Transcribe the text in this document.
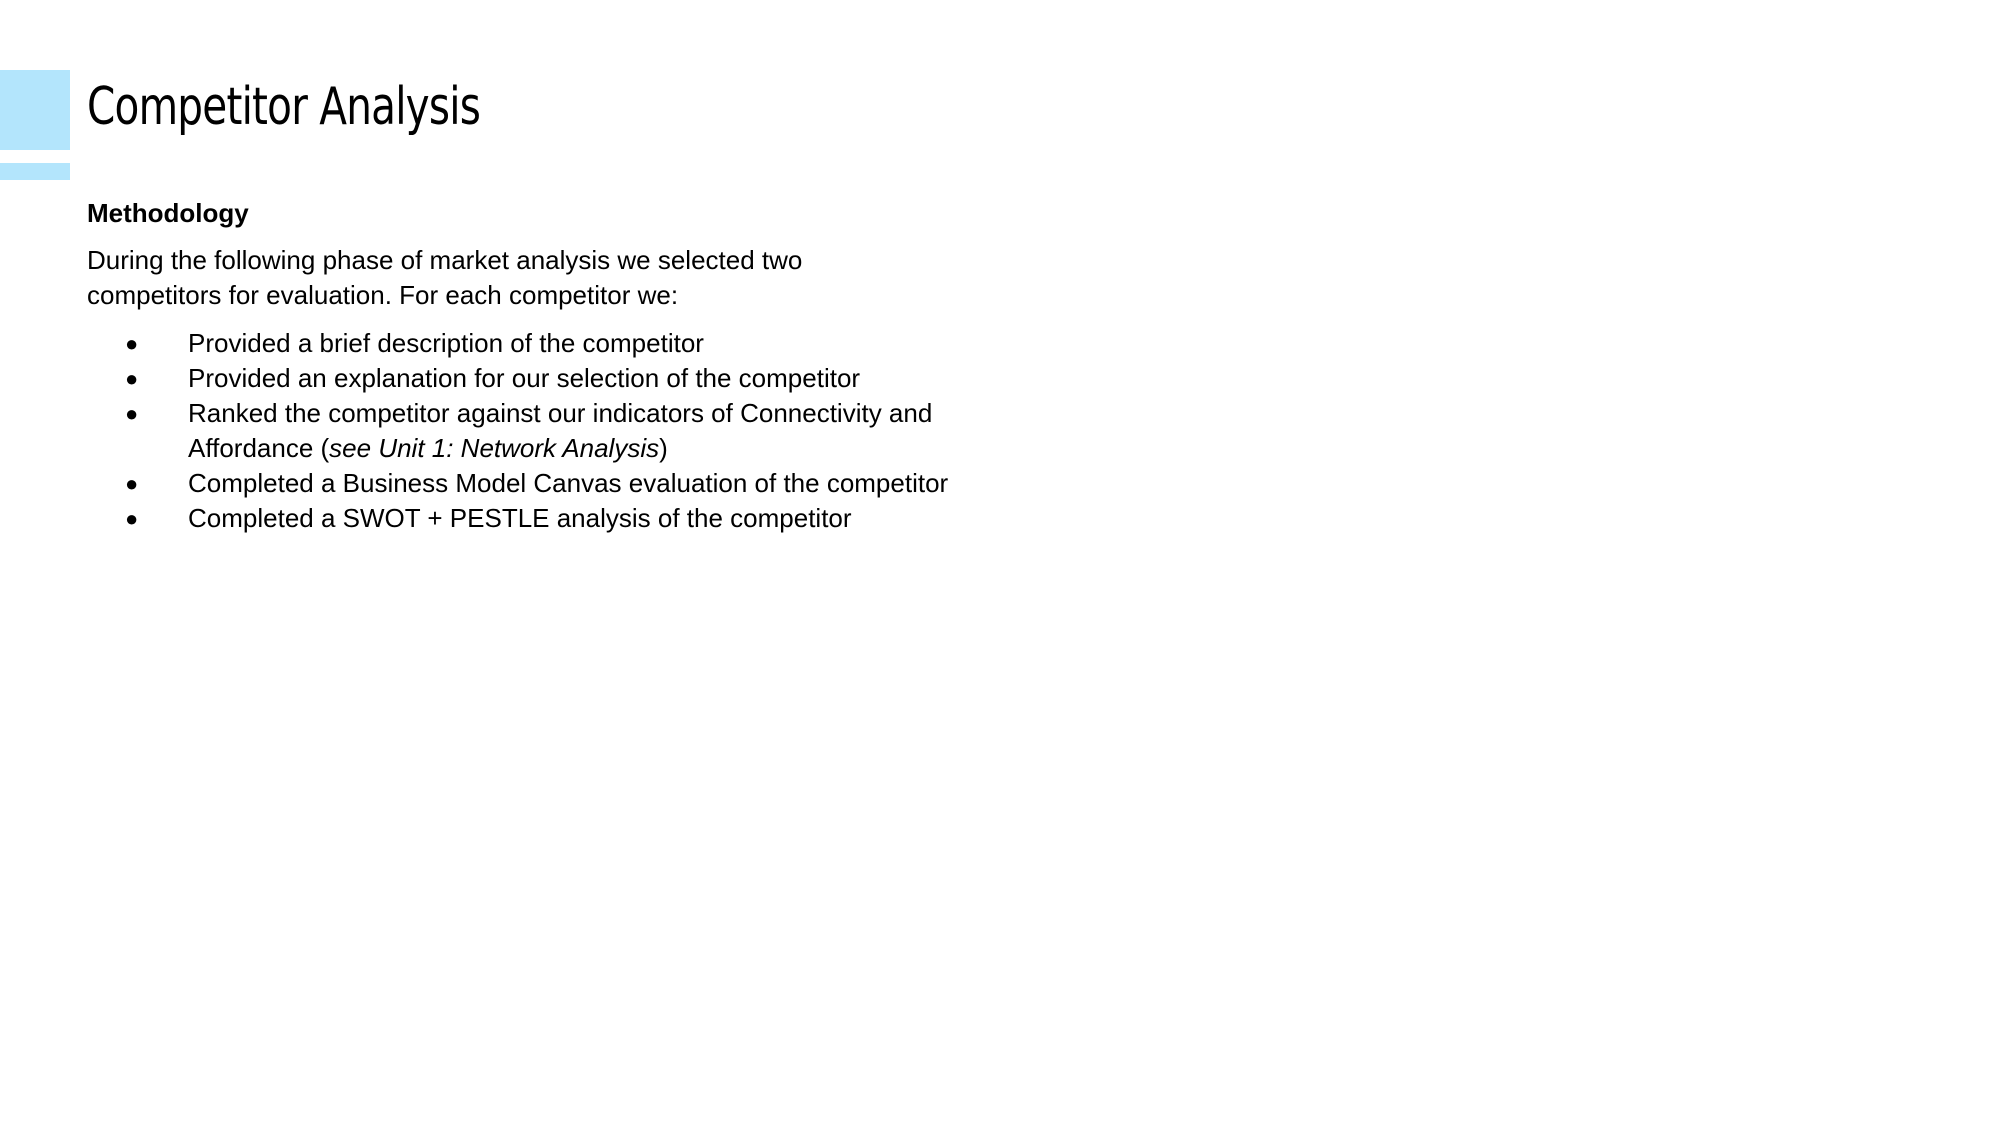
Competitor Analysis
Methodology

During the following phase of market analysis we selected two competitors for evaluation. For each competitor we:

● Provided a brief description of the competitor
● Provided an explanation for our selection of the competitor
● Ranked the competitor against our indicators of Connectivity and Affordance (see Unit 1: Network Analysis)
● Completed a Business Model Canvas evaluation of the competitor
● Completed a SWOT + PESTLE analysis of the competitor
